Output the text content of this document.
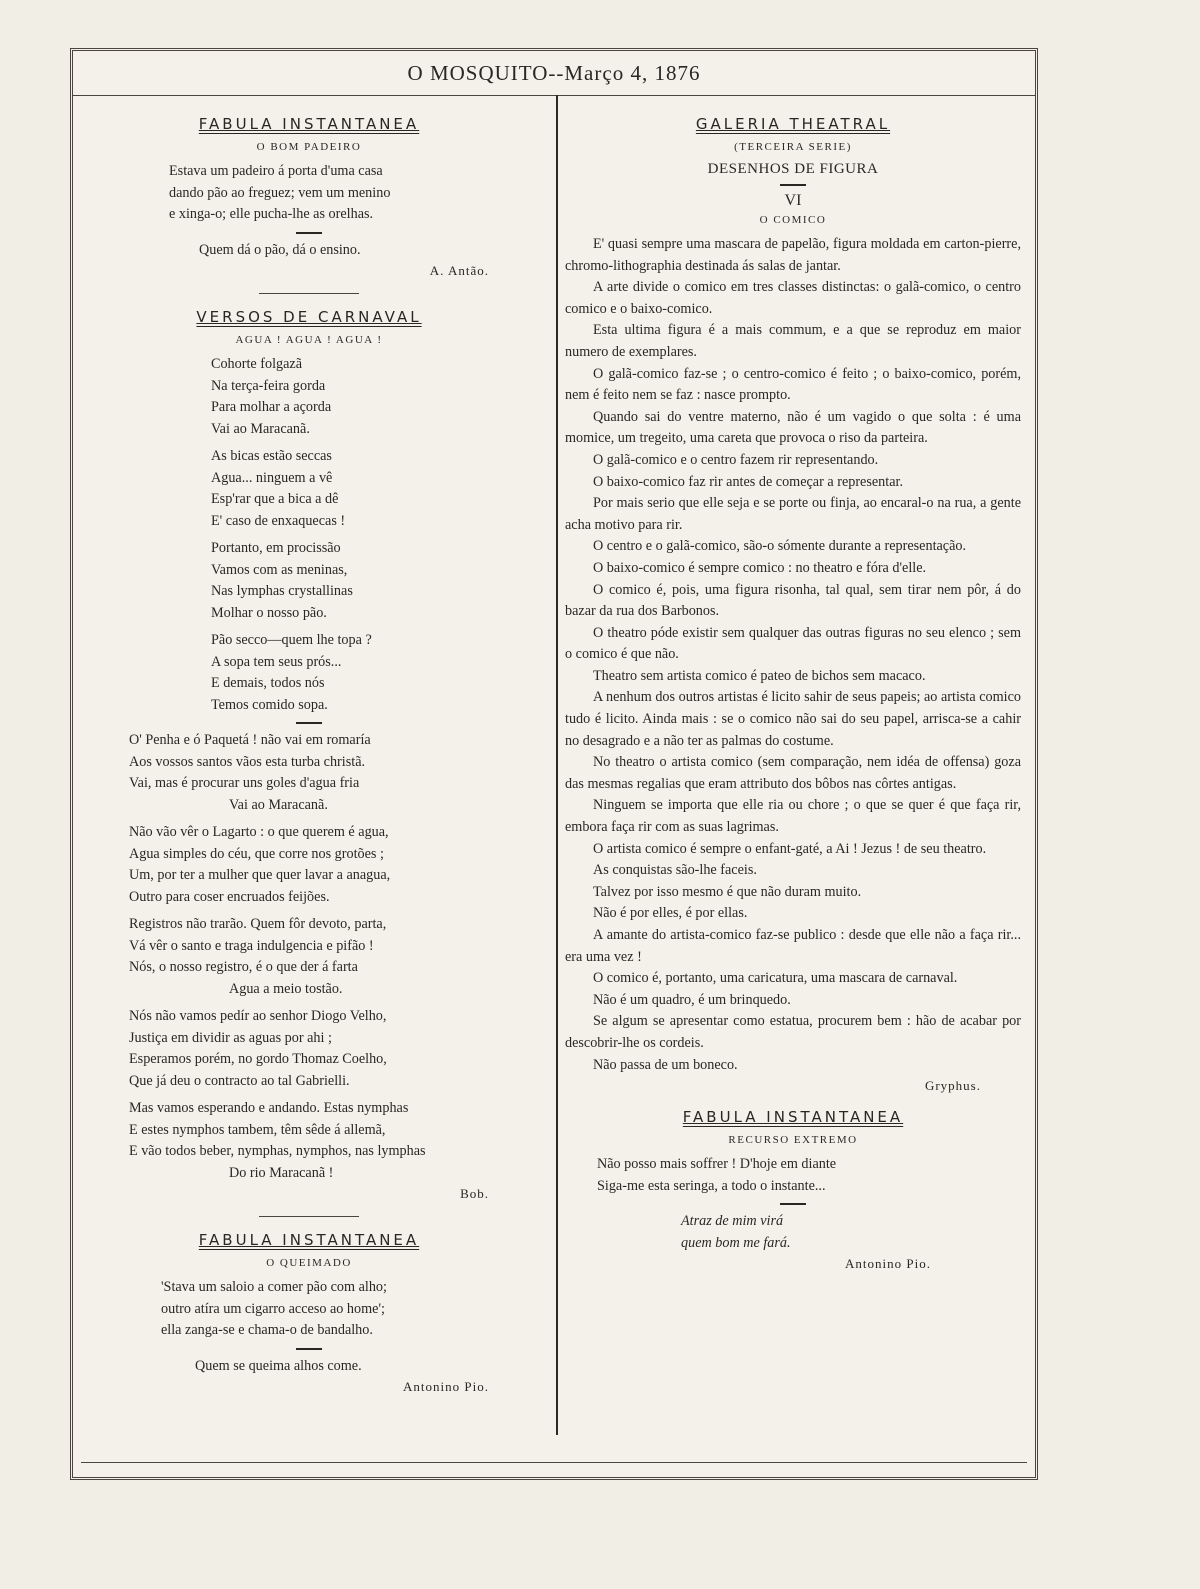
O MOSQUITO--Março 4, 1876
FABULA INSTANTANEA
O BOM PADEIRO
Estava um padeiro á porta d'uma casa
dando pão ao freguez; vem um menino
e xinga-o; elle pucha-lhe as orelhas.
Quem dá o pão, dá o ensino.
A. Antão.
VERSOS DE CARNAVAL
AGUA ! AGUA ! AGUA !
Cohorte folgazã
Na terça-feira gorda
Para molhar a açorda
Vai ao Maracanã.
As bicas estão seccas
Agua... ninguem a vê
Esp'rar que a bica a dê
E' caso de enxaquecas !
Portanto, em procissão
Vamos com as meninas,
Nas lymphas crystallinas
Molhar o nosso pão.
Pão secco—quem lhe topa ?
A sopa tem seus prós...
E demais, todos nós
Temos comido sopa.
O' Penha e ó Paquetá ! não vai em romaría
Aos vossos santos vãos esta turba christã.
Vai, mas é procurar uns goles d'agua fria
Vai ao Maracanã.
Não vão vêr o Lagarto : o que querem é agua,
Agua simples do céu, que corre nos grotões ;
Um, por ter a mulher que quer lavar a anagua,
Outro para coser encruados feijões.
Registros não trarão. Quem fôr devoto, parta,
Vá vêr o santo e traga indulgencia e pifão !
Nós, o nosso registro, é o que der á farta
Agua a meio tostão.
Nós não vamos pedír ao senhor Diogo Velho,
Justiça em dividir as aguas por ahi ;
Esperamos porém, no gordo Thomaz Coelho,
Que já deu o contracto ao tal Gabrielli.
Mas vamos esperando e andando. Estas nymphas
E estes nymphos tambem, têm sêde á allemã,
E vão todos beber, nymphas, nymphos, nas lymphas
Do rio Maracanã !
Bob.
FABULA INSTANTANEA
O QUEIMADO
'Stava um saloio a comer pão com alho;
outro atíra um cigarro acceso ao home';
ella zanga-se e chama-o de bandalho.
Quem se queima alhos come.
Antonino Pio.
GALERIA THEATRAL
(TERCEIRA SERIE)
DESENHOS DE FIGURA
VI
O COMICO

E' quasi sempre uma mascara de papelão, figura moldada em carton-pierre, chromo-lithographia destinada ás salas de jantar.

A arte divide o comico em tres classes distinctas: o galã-comico, o centro comico e o baixo-comico.

Esta ultima figura é a mais commum, e a que se reproduz em maior numero de exemplares.

O galã-comico faz-se ; o centro-comico é feito ; o baixo-comico, porém, nem é feito nem se faz : nasce prompto.

Quando sai do ventre materno, não é um vagido o que solta : é uma momice, um tregeito, uma careta que provoca o riso da parteira.

O galã-comico e o centro fazem rir representando.

O baixo-comico faz rir antes de começar a representar.

Por mais serio que elle seja e se porte ou finja, ao encaral-o na rua, a gente acha motivo para rir.

O centro e o galã-comico, são-o sómente durante a representação.

O baixo-comico é sempre comico : no theatro e fóra d'elle.

O comico é, pois, uma figura risonha, tal qual, sem tirar nem pôr, á do bazar da rua dos Barbonos.

O theatro póde existir sem qualquer das outras figuras no seu elenco ; sem o comico é que não.

Theatro sem artista comico é pateo de bichos sem macaco.

A nenhum dos outros artistas é licito sahir de seus papeis; ao artista comico tudo é licito. Ainda mais : se o comico não sai do seu papel, arrisca-se a cahir no desagrado e a não ter as palmas do costume.

No theatro o artista comico (sem comparação, nem idéa de offensa) goza das mesmas regalias que eram attributo dos bôbos nas côrtes antigas.

Ninguem se importa que elle ria ou chore ; o que se quer é que faça rir, embora faça rir com as suas lagrimas.

O artista comico é sempre o enfant-gaté, a Ai ! Jezus ! de seu theatro.

As conquistas são-lhe faceis.

Talvez por isso mesmo é que não duram muito.

Não é por elles, é por ellas.

A amante do artista-comico faz-se publico : desde que elle não a faça rir... era uma vez !

O comico é, portanto, uma caricatura, uma mascara de carnaval.

Não é um quadro, é um brinquedo.

Se algum se apresentar como estatua, procurem bem : hão de acabar por descobrir-lhe os cordeis.

Não passa de um boneco.

Gryphus.
FABULA INSTANTANEA
RECURSO EXTREMO
Não posso mais soffrer ! D'hoje em diante
Siga-me esta seringa, a todo o instante...
Atraz de mim virá
quem bom me fará.
Antonino Pio.
